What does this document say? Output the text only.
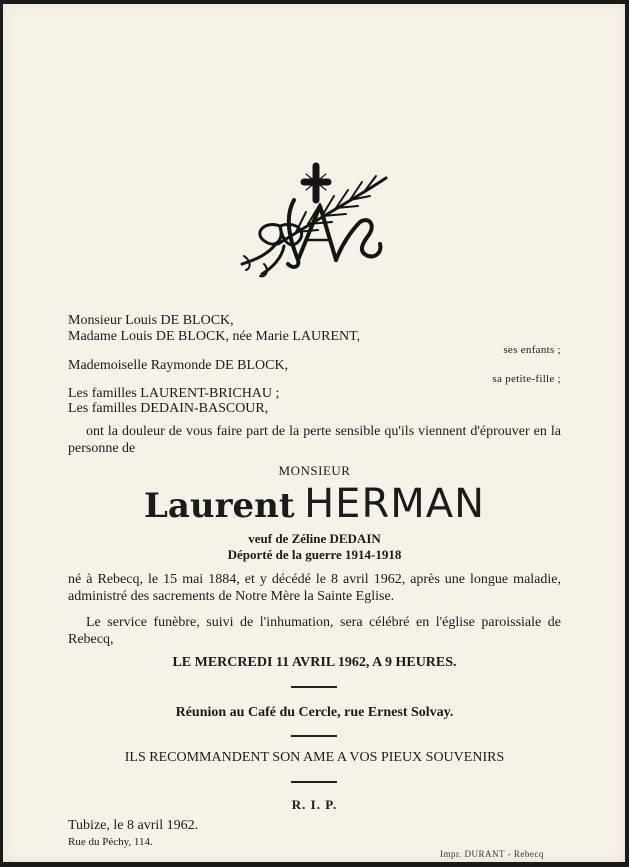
Monsieur Louis DE BLOCK,
Madame Louis DE BLOCK, née Marie LAURENT,
ses enfants ;
Mademoiselle Raymonde DE BLOCK,
sa petite-fille ;
Les familles LAURENT-BRICHAU ;
Les familles DEDAIN-BASCOUR,
ont la douleur de vous faire part de la perte sensible qu'ils viennent d'éprouver en la personne de
MONSIEUR
Laurent HERMAN
veuf de Zéline DEDAIN
Déporté de la guerre 1914-1918
né à Rebecq, le 15 mai 1884, et y décédé le 8 avril 1962, après une longue maladie, administré des sacrements de Notre Mère la Sainte Eglise.
Le service funèbre, suivi de l'inhumation, sera célébré en l'église paroissiale de Rebecq,
LE MERCREDI 11 AVRIL 1962, A 9 HEURES.
Réunion au Café du Cercle, rue Ernest Solvay.
ILS RECOMMANDENT SON AME A VOS PIEUX SOUVENIRS
R. I. P.
Tubize, le 8 avril 1962.
Rue du Péchy, 114.
Impr. DURANT - Rebecq
